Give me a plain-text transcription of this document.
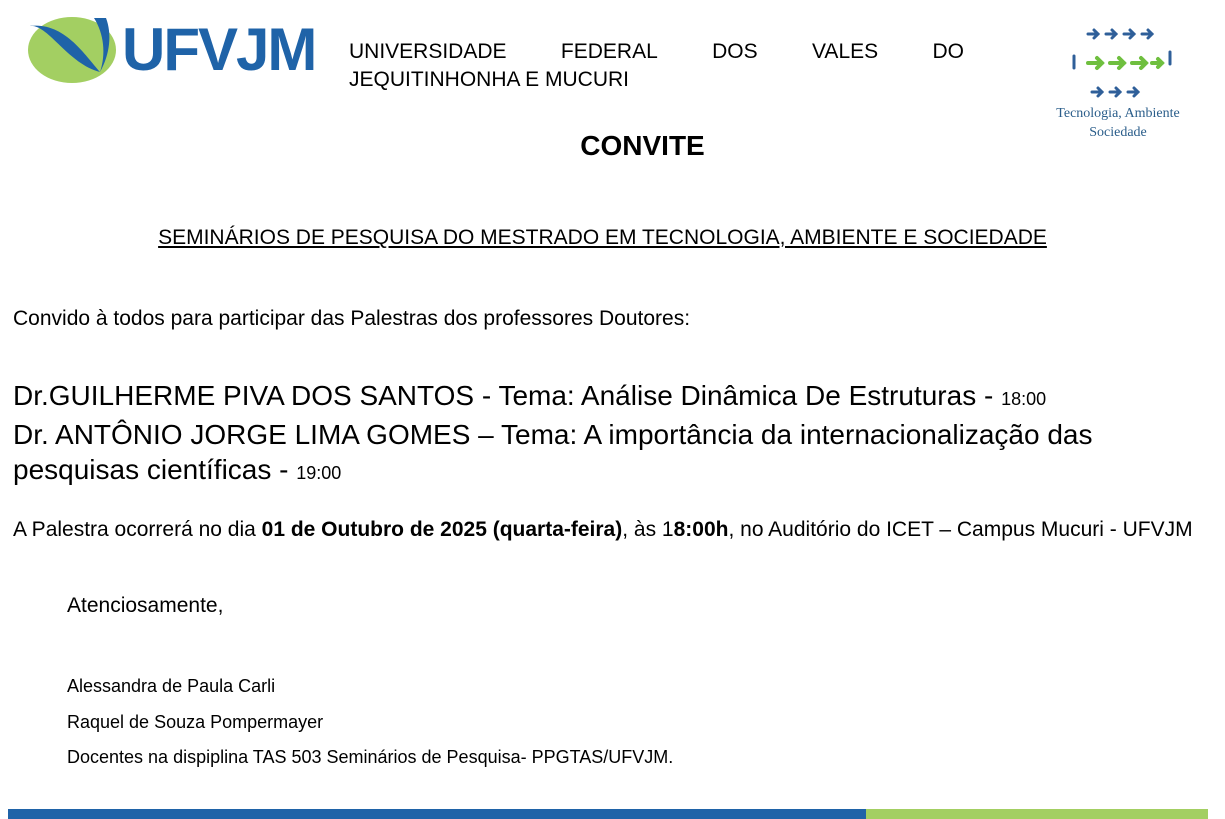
UFVJM UNIVERSIDADE	FEDERAL	DOS	VALES	DO
JEQUITINHONHA E MUCURI
Tecnologia, Ambiente
Sociedade
CONVITE
SEMINÁRIOS DE PESQUISA DO MESTRADO EM TECNOLOGIA, AMBIENTE E SOCIEDADE
Convido à todos para participar das Palestras dos professores Doutores:
Dr.GUILHERME PIVA DOS SANTOS - Tema: Análise Dinâmica De Estruturas - 18:00
Dr. ANTÔNIO JORGE LIMA GOMES – Tema: A importância da internacionalização das pesquisas científicas - 19:00
A Palestra ocorrerá no dia 01 de Outubro de 2025 (quarta-feira), às 18:00h, no Auditório do ICET – Campus Mucuri - UFVJM
Atenciosamente,
Alessandra de Paula Carli
Raquel de Souza Pompermayer
Docentes na dispiplina TAS 503 Seminários de Pesquisa- PPGTAS/UFVJM.
